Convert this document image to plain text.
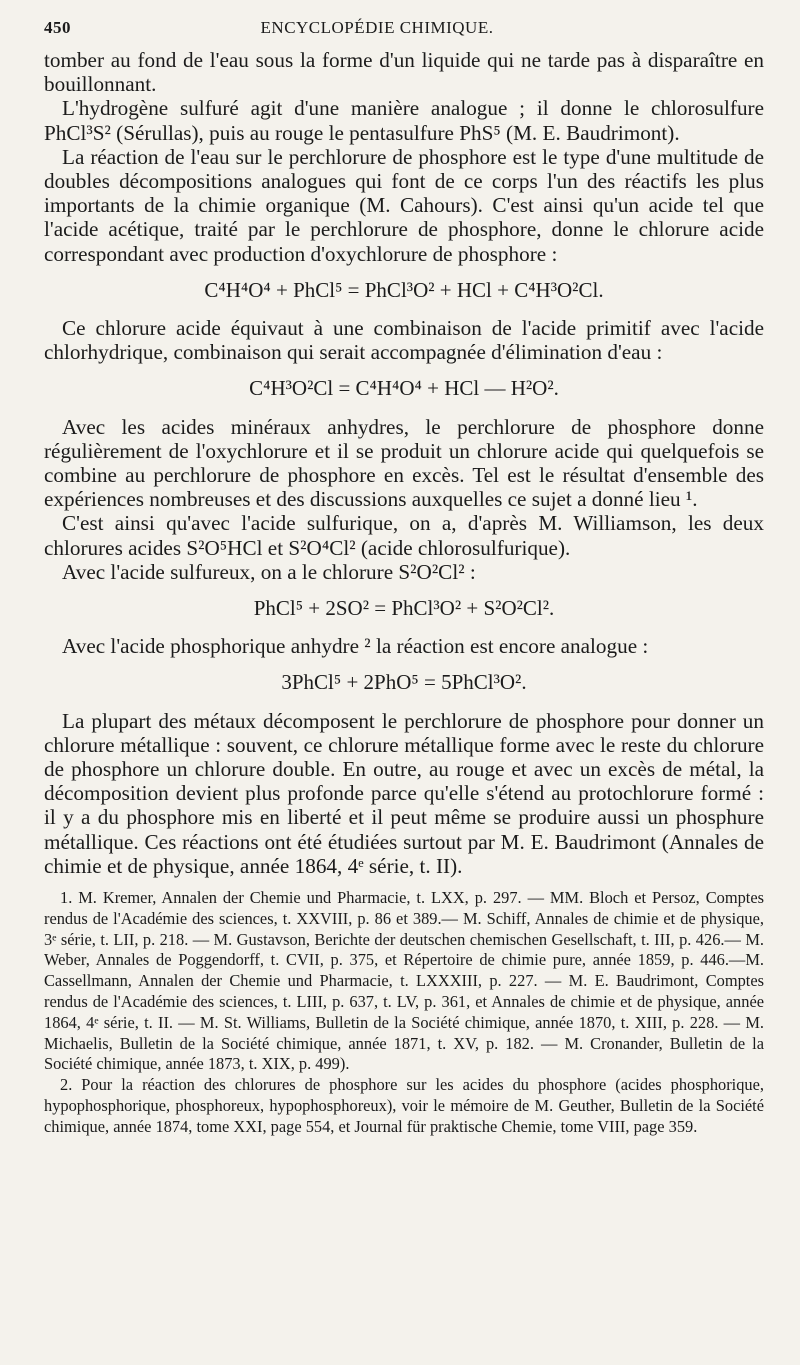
450	ENCYCLOPÉDIE CHIMIQUE.

tomber au fond de l'eau sous la forme d'un liquide qui ne tarde pas à disparaître en bouillonnant.

L'hydrogène sulfuré agit d'une manière analogue ; il donne le chlorosulfure PhCl³S² (Sérullas), puis au rouge le pentasulfure PhS⁵ (M. E. Baudrimont).

La réaction de l'eau sur le perchlorure de phosphore est le type d'une multitude de doubles décompositions analogues qui font de ce corps l'un des réactifs les plus importants de la chimie organique (M. Cahours). C'est ainsi qu'un acide tel que l'acide acétique, traité par le perchlorure de phosphore, donne le chlorure acide correspondant avec production d'oxychlorure de phosphore :

C⁴H⁴O⁴ + PhCl⁵ = PhCl³O² + HCl + C⁴H³O²Cl.

Ce chlorure acide équivaut à une combinaison de l'acide primitif avec l'acide chlorhydrique, combinaison qui serait accompagnée d'élimination d'eau :

C⁴H³O²Cl = C⁴H⁴O⁴ + HCl — H²O².

Avec les acides minéraux anhydres, le perchlorure de phosphore donne régulièrement de l'oxychlorure et il se produit un chlorure acide qui quelquefois se combine au perchlorure de phosphore en excès. Tel est le résultat d'ensemble des expériences nombreuses et des discussions auxquelles ce sujet a donné lieu ¹.

C'est ainsi qu'avec l'acide sulfurique, on a, d'après M. Williamson, les deux chlorures acides S²O⁵HCl et S²O⁴Cl² (acide chlorosulfurique).

Avec l'acide sulfureux, on a le chlorure S²O²Cl² :

PhCl⁵ + 2SO² = PhCl³O² + S²O²Cl².

Avec l'acide phosphorique anhydre ² la réaction est encore analogue :

3PhCl⁵ + 2PhO⁵ = 5PhCl³O².

La plupart des métaux décomposent le perchlorure de phosphore pour donner un chlorure métallique : souvent, ce chlorure métallique forme avec le reste du chlorure de phosphore un chlorure double. En outre, au rouge et avec un excès de métal, la décomposition devient plus profonde parce qu'elle s'étend au protochlorure formé : il y a du phosphore mis en liberté et il peut même se produire aussi un phosphure métallique. Ces réactions ont été étudiées surtout par M. E. Baudrimont (Annales de chimie et de physique, année 1864, 4ᵉ série, t. II).

1. M. Kremer, Annalen der Chemie und Pharmacie, t. LXX, p. 297. — MM. Bloch et Persoz, Comptes rendus de l'Académie des sciences, t. XXVIII, p. 86 et 389.— M. Schiff, Annales de chimie et de physique, 3ᵉ série, t. LII, p. 218. — M. Gustavson, Berichte der deutschen chemischen Gesellschaft, t. III, p. 426.— M. Weber, Annales de Poggendorff, t. CVII, p. 375, et Répertoire de chimie pure, année 1859, p. 446.—M. Cassellmann, Annalen der Chemie und Pharmacie, t. LXXXIII, p. 227. — M. E. Baudrimont, Comptes rendus de l'Académie des sciences, t. LIII, p. 637, t. LV, p. 361, et Annales de chimie et de physique, année 1864, 4ᵉ série, t. II. — M. St. Williams, Bulletin de la Société chimique, année 1870, t. XIII, p. 228. — M. Michaelis, Bulletin de la Société chimique, année 1871, t. XV, p. 182. — M. Cronander, Bulletin de la Société chimique, année 1873, t. XIX, p. 499).

2. Pour la réaction des chlorures de phosphore sur les acides du phosphore (acides phosphorique, hypophosphorique, phosphoreux, hypophosphoreux), voir le mémoire de M. Geuther, Bulletin de la Société chimique, année 1874, tome XXI, page 554, et Journal für praktische Chemie, tome VIII, page 359.
